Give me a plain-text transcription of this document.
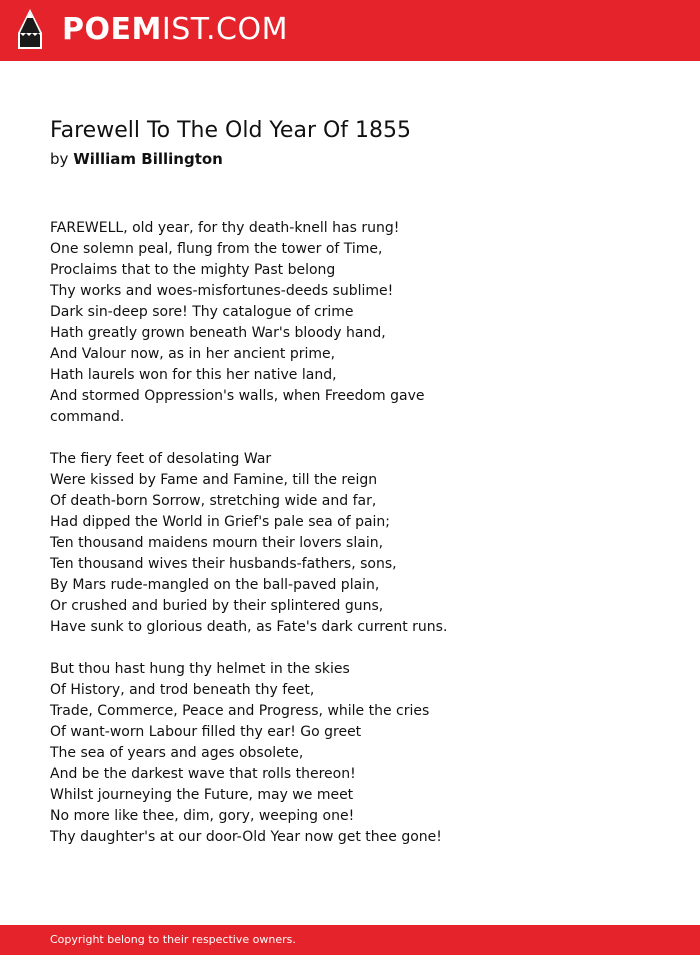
POEMIST.COM
Farewell To The Old Year Of 1855
by William Billington
FAREWELL, old year, for thy death-knell has rung!
One solemn peal, flung from the tower of Time,
Proclaims that to the mighty Past belong
Thy works and woes-misfortunes-deeds sublime!
Dark sin-deep sore! Thy catalogue of crime
Hath greatly grown beneath War's bloody hand,
And Valour now, as in her ancient prime,
Hath laurels won for this her native land,
And stormed Oppression's walls, when Freedom gave
command.
The fiery feet of desolating War
Were kissed by Fame and Famine, till the reign
Of death-born Sorrow, stretching wide and far,
Had dipped the World in Grief's pale sea of pain;
Ten thousand maidens mourn their lovers slain,
Ten thousand wives their husbands-fathers, sons,
By Mars rude-mangled on the ball-paved plain,
Or crushed and buried by their splintered guns,
Have sunk to glorious death, as Fate's dark current runs.
But thou hast hung thy helmet in the skies
Of History, and trod beneath thy feet,
Trade, Commerce, Peace and Progress, while the cries
Of want-worn Labour filled thy ear! Go greet
The sea of years and ages obsolete,
And be the darkest wave that rolls thereon!
Whilst journeying the Future, may we meet
No more like thee, dim, gory, weeping one!
Thy daughter's at our door-Old Year now get thee gone!
Copyright belong to their respective owners.
